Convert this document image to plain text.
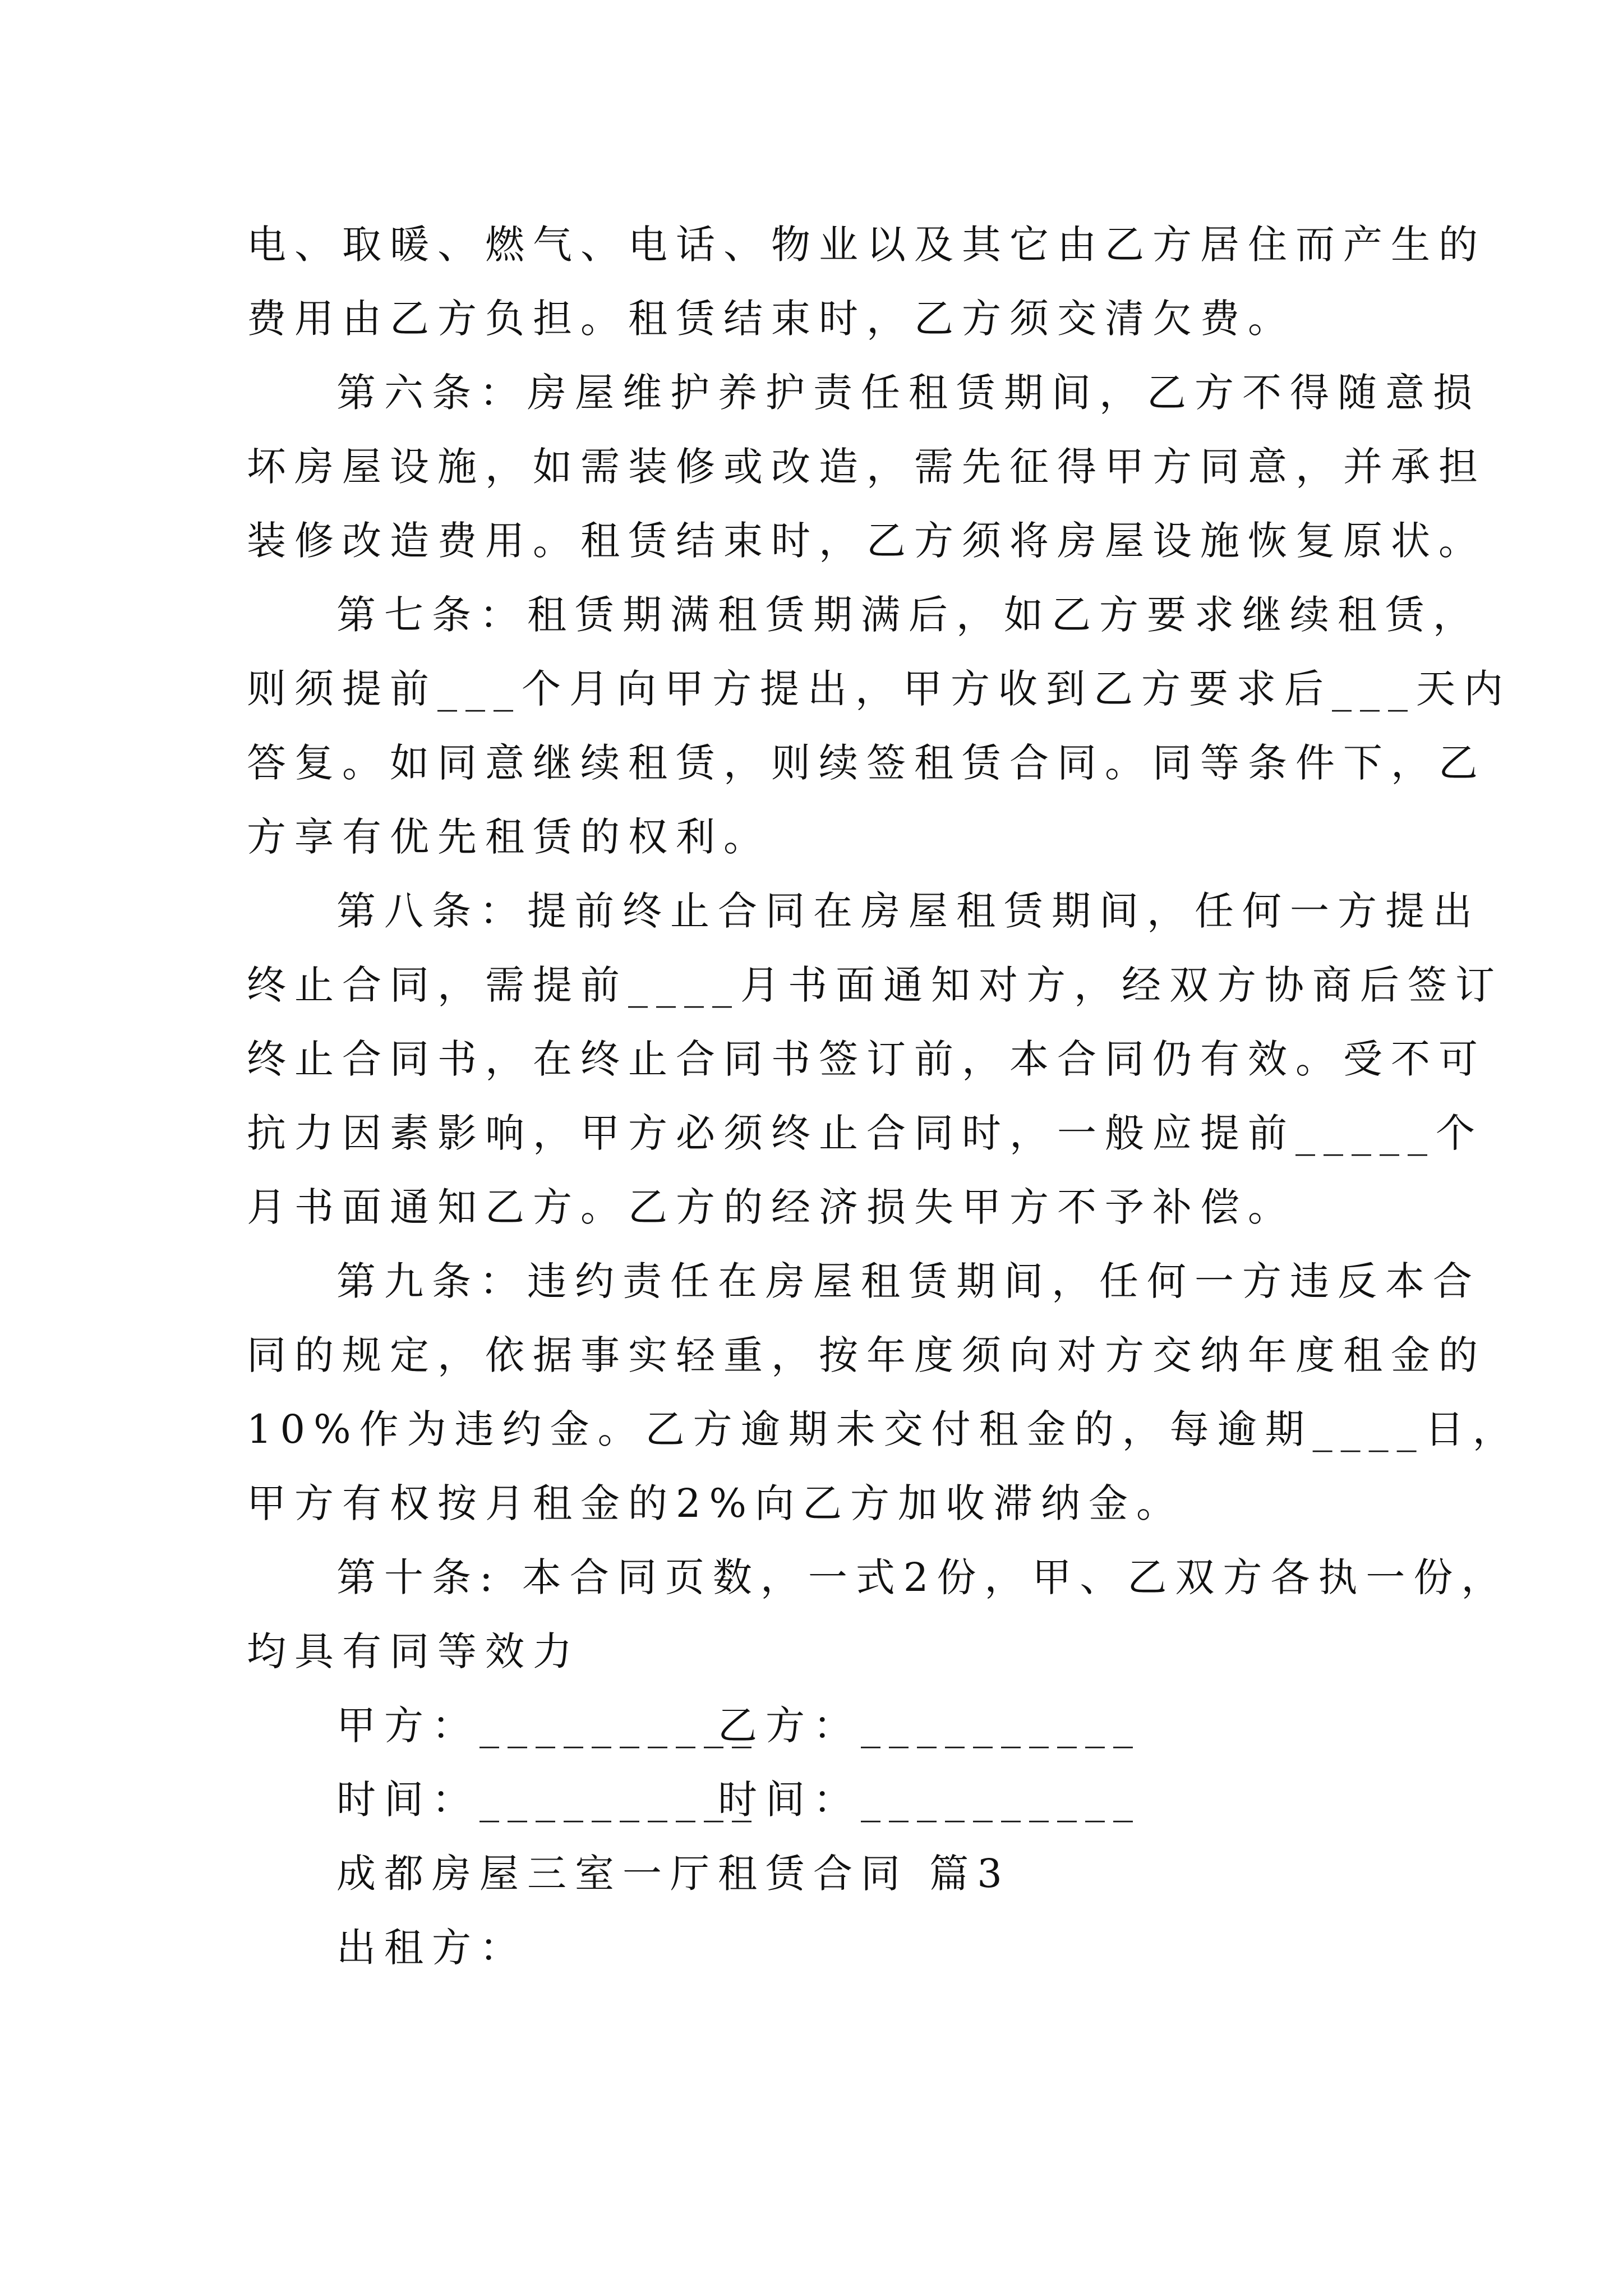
电、取暖、燃气、电话、物业以及其它由乙方居住而产生的
费用由乙方负担。租赁结束时，乙方须交清欠费。
第六条：房屋维护养护责任租赁期间，乙方不得随意损
坏房屋设施，如需装修或改造，需先征得甲方同意，并承担
装修改造费用。租赁结束时，乙方须将房屋设施恢复原状。
第七条：租赁期满租赁期满后，如乙方要求继续租赁，
则须提前___个月向甲方提出，甲方收到乙方要求后___天内
答复。如同意继续租赁，则续签租赁合同。同等条件下，乙
方享有优先租赁的权利。
第八条：提前终止合同在房屋租赁期间，任何一方提出
终止合同，需提前____月书面通知对方，经双方协商后签订
终止合同书，在终止合同书签订前，本合同仍有效。受不可
抗力因素影响，甲方必须终止合同时，一般应提前_____个
月书面通知乙方。乙方的经济损失甲方不予补偿。
第九条：违约责任在房屋租赁期间，任何一方违反本合
同的规定，依据事实轻重，按年度须向对方交纳年度租金的
10%作为违约金。乙方逾期未交付租金的，每逾期____日，
甲方有权按月租金的2%向乙方加收滞纳金。
第十条: 本合同页数，一式2份，甲、乙双方各执一份，
均具有同等效力
甲方：__________
乙方：__________
时间：__________
时间：__________
成都房屋三室一厅租赁合同 篇3
出租方：
